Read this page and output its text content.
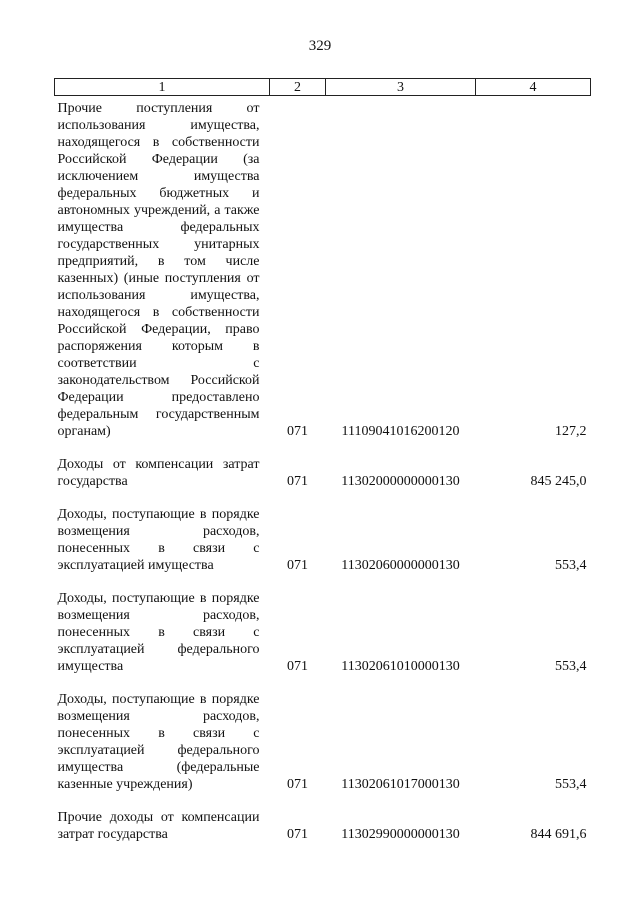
329
1	2	3	4
Прочие поступления от использования имущества, находящегося в собственности Российской Федерации (за исключением имущества федеральных бюджетных и автономных учреждений, а также имущества федеральных государственных унитарных предприятий, в том числе казенных) (иные поступления от использования имущества, находящегося в собственности Российской Федерации, право распоряжения которым в соответствии с законодательством Российской Федерации предоставлено федеральным государственным органам)	071	11109041016200120	127,2
Доходы от компенсации затрат государства	071	11302000000000130	845 245,0
Доходы, поступающие в порядке возмещения расходов, понесенных в связи с эксплуатацией имущества	071	11302060000000130	553,4
Доходы, поступающие в порядке возмещения расходов, понесенных в связи с эксплуатацией федерального имущества	071	11302061010000130	553,4
Доходы, поступающие в порядке возмещения расходов, понесенных в связи с эксплуатацией федерального имущества (федеральные казенные учреждения)	071	11302061017000130	553,4
Прочие доходы от компенсации затрат государства	071	11302990000000130	844 691,6
